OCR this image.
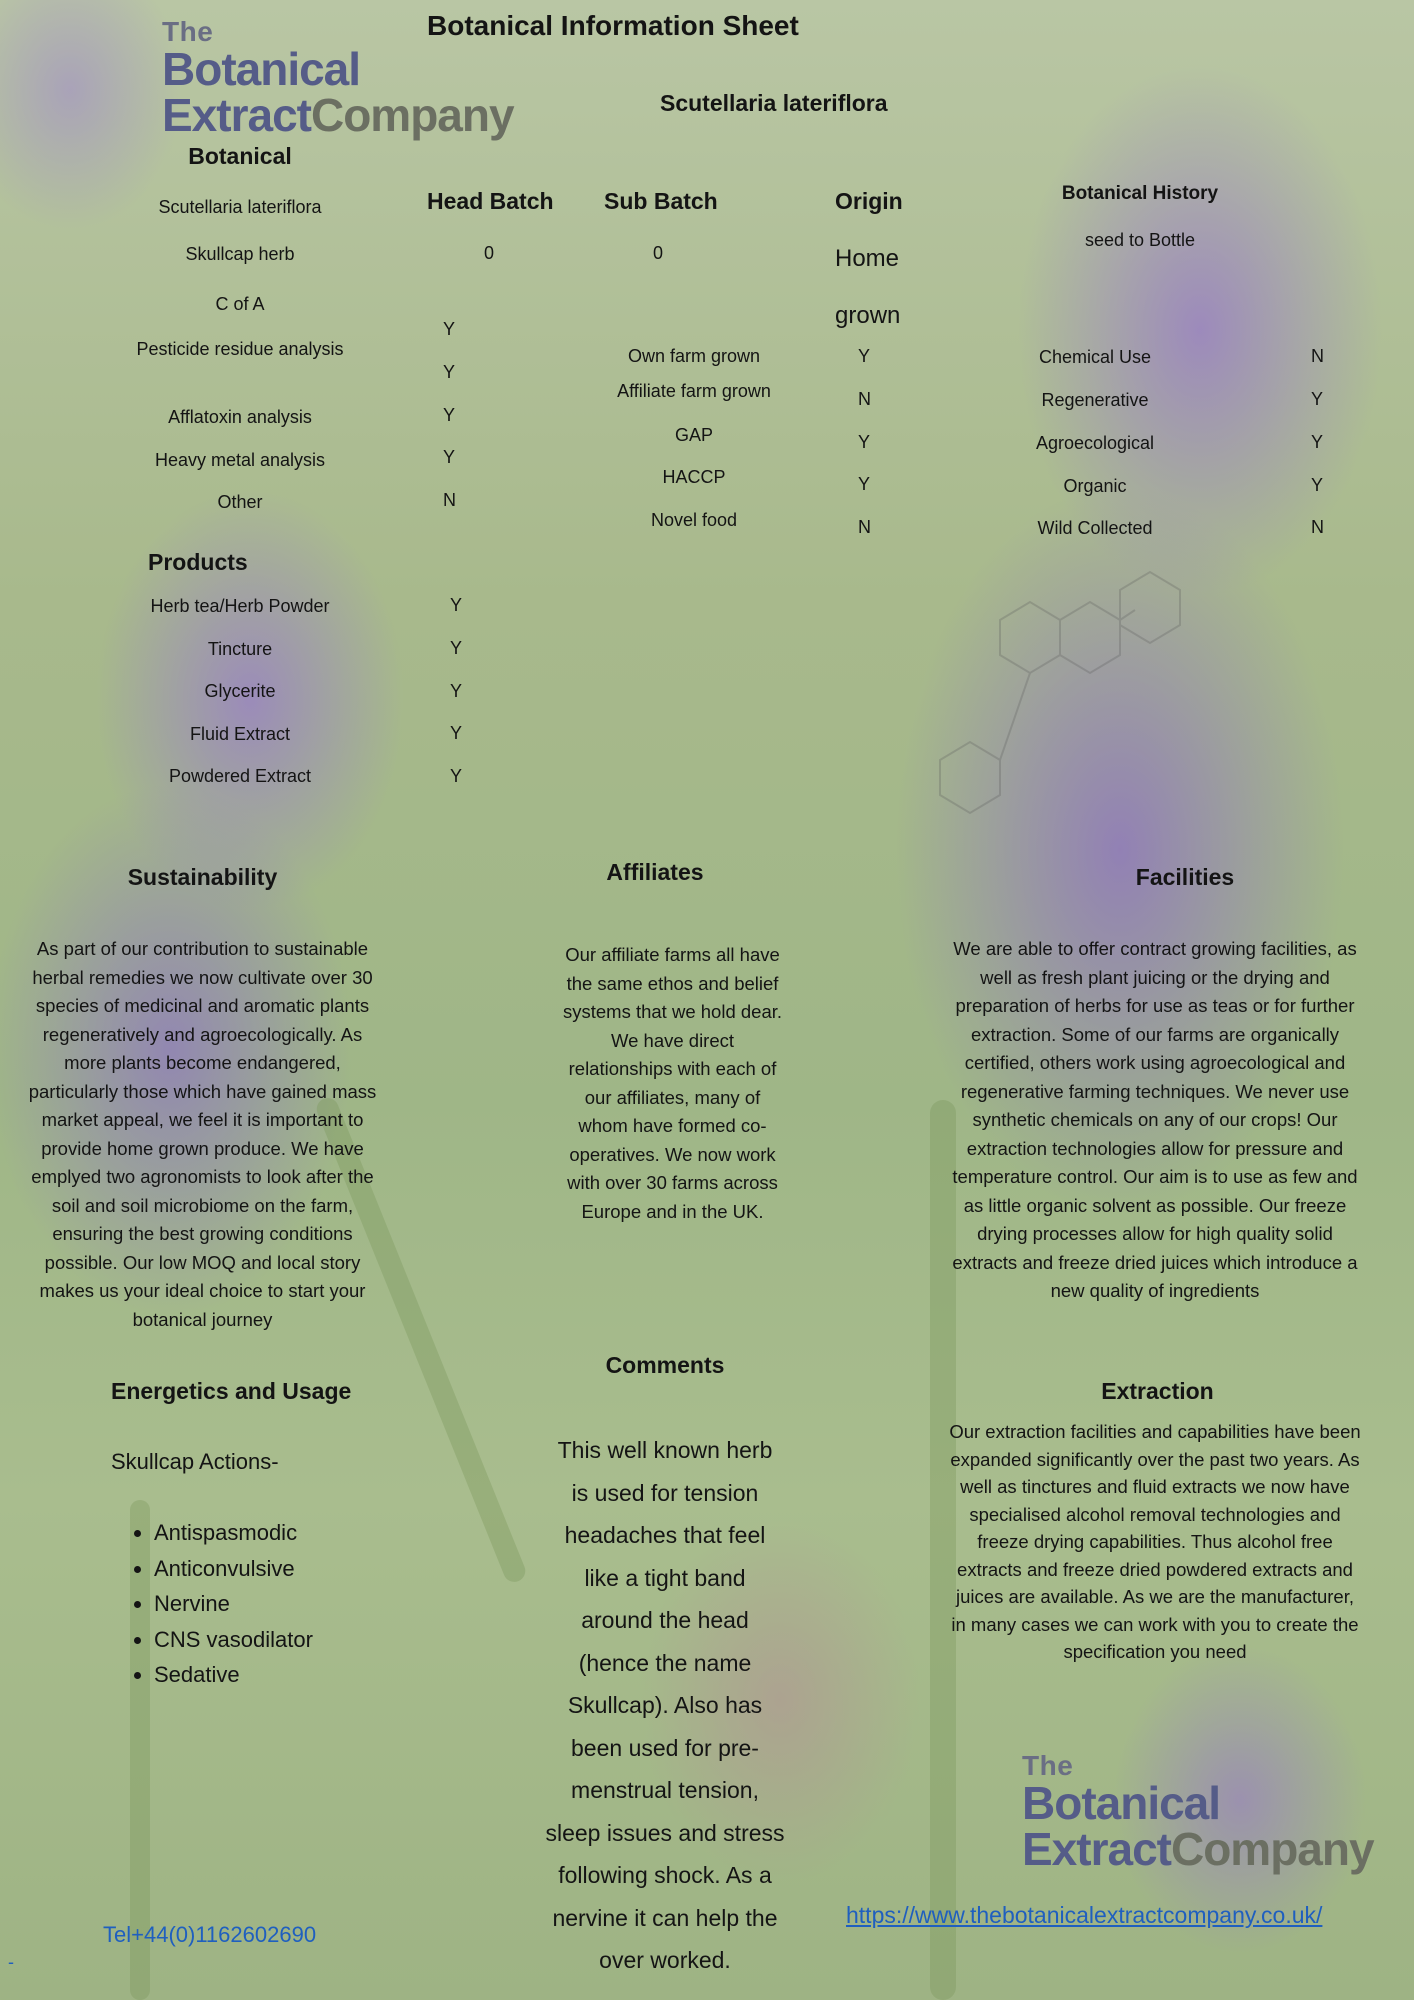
The
Botanical
ExtractCompany
Botanical Information Sheet
Scutellaria lateriflora
Botanical
Scutellaria lateriflora
Skullcap herb
C of A
Pesticide residue analysis
Afflatoxin analysis
Heavy metal analysis
Other
Y
Y
Y
Y
N
Head Batch
0
Sub Batch
0
Origin
Home
grown
Own farm grown
Affiliate farm grown
GAP
HACCP
Novel food
Y
N
Y
Y
N
Botanical History
seed to Bottle
Chemical Use
Regenerative
Agroecological
Organic
Wild Collected
N
Y
Y
Y
N
Products
Herb tea/Herb Powder
Tincture
Glycerite
Fluid Extract
Powdered Extract
Y
Y
Y
Y
Y
Sustainability
As part of our contribution to sustainable
herbal remedies we now cultivate over 30
species of medicinal and aromatic plants
regeneratively and agroecologically. As
more plants become endangered,
particularly those which have gained mass
market appeal, we feel it is important to
provide home grown produce. We have
emplyed two agronomists to look after the
soil and soil microbiome on the farm,
ensuring the best growing conditions
possible. Our low MOQ and local story
makes us your ideal choice to start your
botanical journey
Affiliates
Our affiliate farms all have
the same ethos and belief
systems that we hold dear.
We have direct
relationships with each of
our affiliates, many of
whom have formed co-
operatives. We now work
with over 30 farms across
Europe and in the UK.
Facilities
We are able to offer contract growing facilities, as
well as fresh plant juicing or the drying and
preparation of herbs for use as teas or for further
extraction. Some of our farms are organically
certified, others work using agroecological and
regenerative farming techniques. We never use
synthetic chemicals on any of our crops! Our
extraction technologies allow for pressure and
temperature control. Our aim is to use as few and
as little organic solvent as possible. Our freeze
drying processes allow for high quality solid
extracts and freeze dried juices which introduce a
new quality of ingredients
Energetics and Usage
Skullcap Actions-
• Antispasmodic
• Anticonvulsive
• Nervine
• CNS vasodilator
• Sedative
Comments
This well known herb
is used for tension
headaches that feel
like a tight band
around the head
(hence the name
Skullcap). Also has
been used for pre-
menstrual tension,
sleep issues and stress
following shock. As a
nervine it can help the
over worked.
Extraction
Our extraction facilities and capabilities have been
expanded significantly over the past two years. As
well as tinctures and fluid extracts we now have
specialised alcohol removal technologies and
freeze drying capabilities. Thus alcohol free
extracts and freeze dried powdered extracts and
juices are available. As we are the manufacturer,
in many cases we can work with you to create the
specification you need
The
Botanical
ExtractCompany
https://www.thebotanicalextractcompany.co.uk/
Tel+44(0)1162602690
-
